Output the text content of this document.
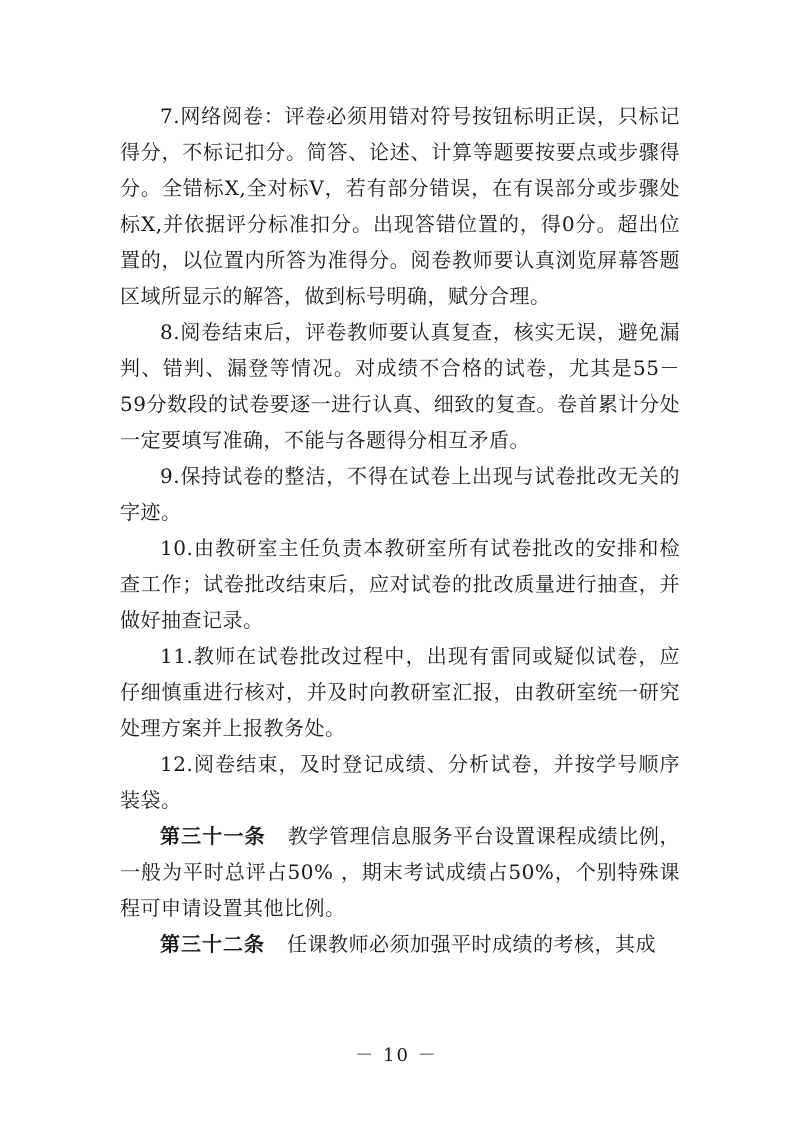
7.网络阅卷：评卷必须用错对符号按钮标明正误，只标记得分，不标记扣分。简答、论述、计算等题要按要点或步骤得分。全错标X,全对标V，若有部分错误，在有误部分或步骤处标X,并依据评分标准扣分。出现答错位置的，得0分。超出位置的，以位置内所答为准得分。阅卷教师要认真浏览屏幕答题区域所显示的解答，做到标号明确，赋分合理。

8.阅卷结束后，评卷教师要认真复查，核实无误，避免漏判、错判、漏登等情况。对成绩不合格的试卷，尤其是55－59分数段的试卷要逐一进行认真、细致的复查。卷首累计分处一定要填写准确，不能与各题得分相互矛盾。

9.保持试卷的整洁，不得在试卷上出现与试卷批改无关的字迹。

10.由教研室主任负责本教研室所有试卷批改的安排和检查工作；试卷批改结束后，应对试卷的批改质量进行抽查，并做好抽查记录。

11.教师在试卷批改过程中，出现有雷同或疑似试卷，应仔细慎重进行核对，并及时向教研室汇报，由教研室统一研究处理方案并上报教务处。

12.阅卷结束，及时登记成绩、分析试卷，并按学号顺序装袋。

第三十一条 教学管理信息服务平台设置课程成绩比例，一般为平时总评占50% ，期末考试成绩占50%，个别特殊课程可申请设置其他比例。

第三十二条 任课教师必须加强平时成绩的考核，其成

－ 10 －
